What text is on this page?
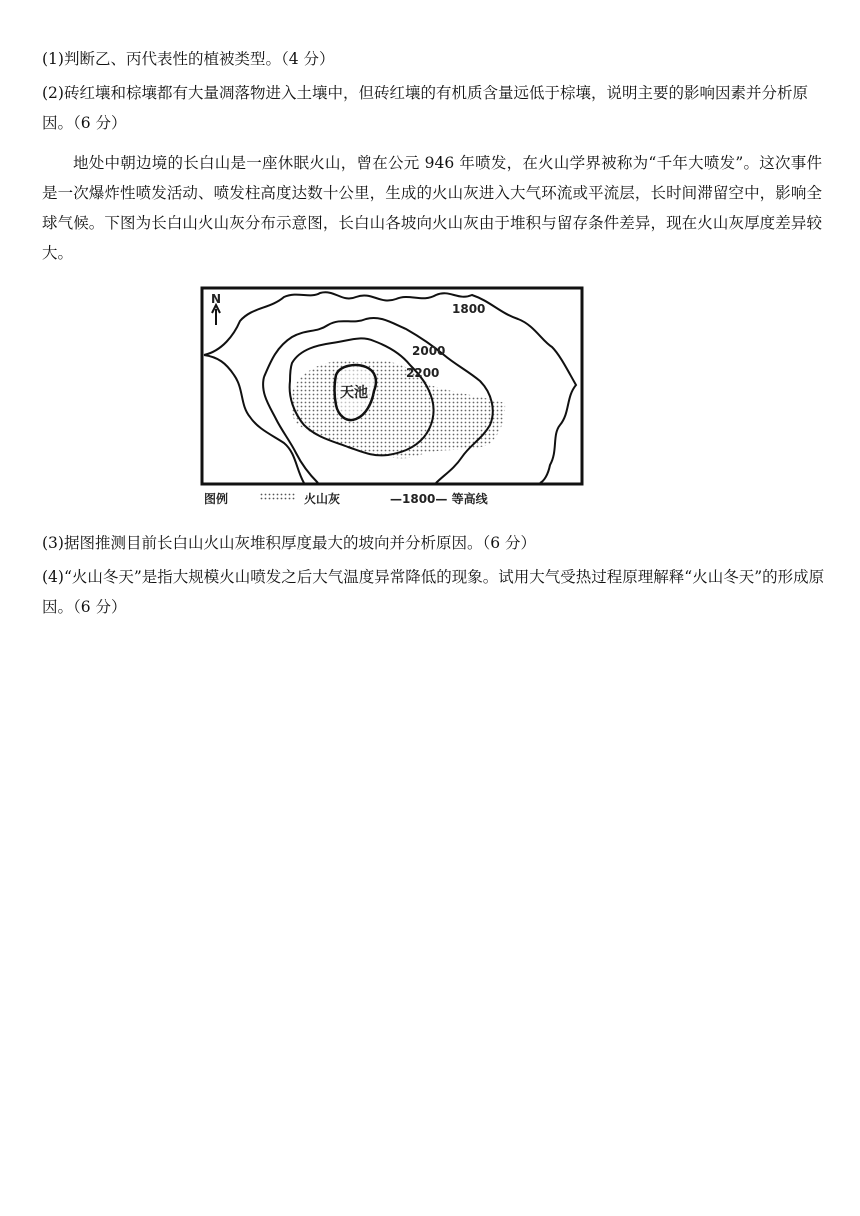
(1)判断乙、丙代表性的植被类型。（4 分）

(2)砖红壤和棕壤都有大量凋落物进入土壤中，但砖红壤的有机质含量远低于棕壤，说明主要的影响因素并分析原因。（6 分）

地处中朝边境的长白山是一座休眠火山，曾在公元 946 年喷发，在火山学界被称为“千年大喷发”。这次事件是一次爆炸性喷发活动、喷发柱高度达数十公里，生成的火山灰进入大气环流或平流层，长时间滞留空中，影响全球气候。下图为长白山火山灰分布示意图，长白山各坡向火山灰由于堆积与留存条件差异，现在火山灰厚度差异较大。

N
1800
2000
2200
天池
图例	火山灰	—1800— 等高线

(3)据图推测目前长白山火山灰堆积厚度最大的坡向并分析原因。（6 分）

(4)“火山冬天”是指大规模火山喷发之后大气温度异常降低的现象。试用大气受热过程原理解释“火山冬天”的形成原因。（6 分）
